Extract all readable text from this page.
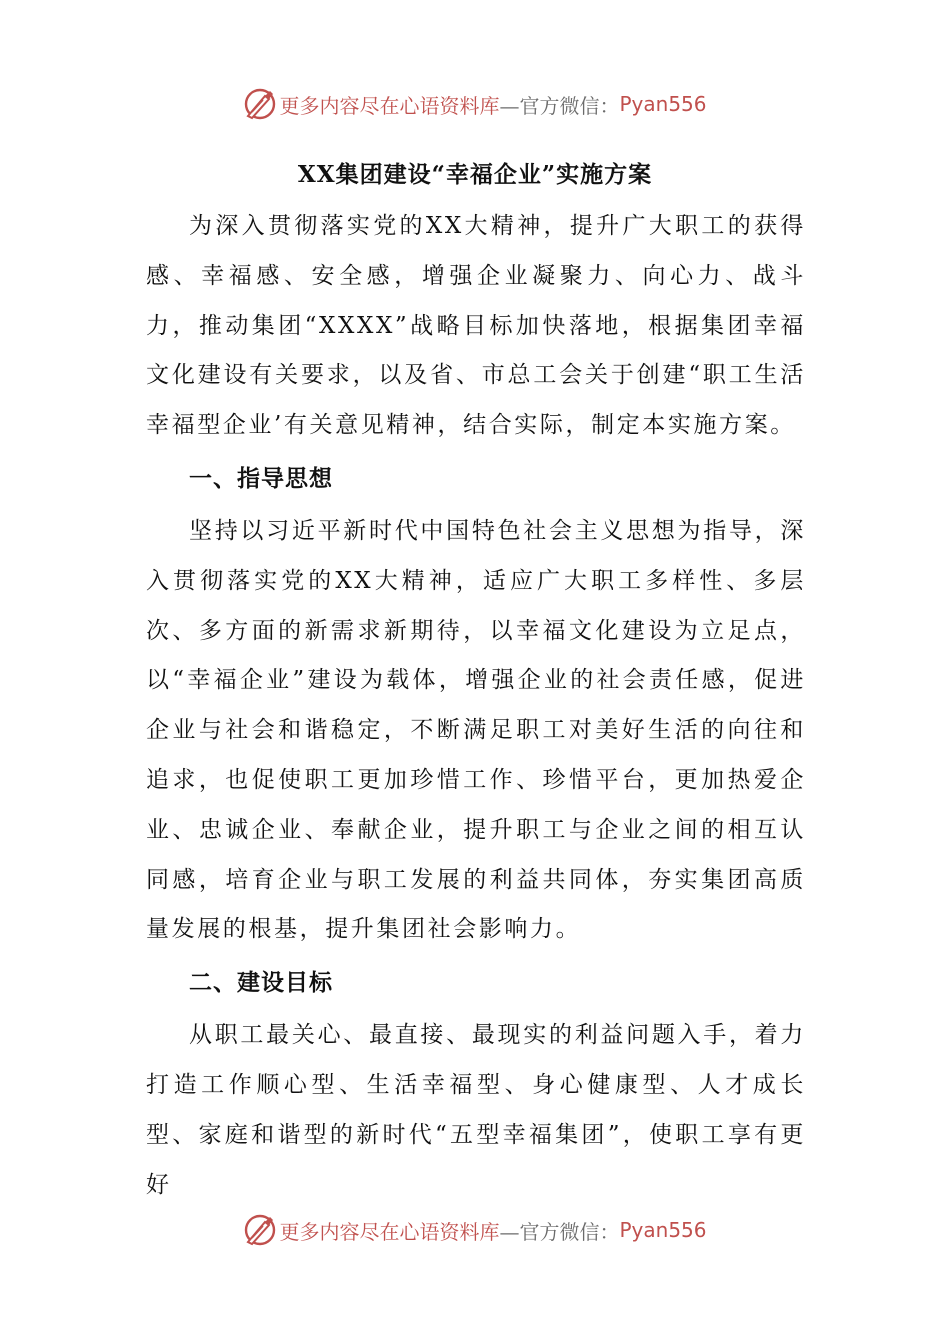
更多内容尽在心语资料库 —官方微信： Pyan556
XX集团建设“幸福企业”实施方案

为深入贯彻落实党的XX大精神，提升广大职工的获得感、幸福感、安全感，增强企业凝聚力、向心力、战斗力，推动集团“XXXX”战略目标加快落地，根据集团幸福文化建设有关要求，以及省、市总工会关于创建“职工生活幸福型企业’有关意见精神，结合实际，制定本实施方案。

一、指导思想

坚持以习近平新时代中国特色社会主义思想为指导，深入贯彻落实党的XX大精神，适应广大职工多样性、多层次、多方面的新需求新期待，以幸福文化建设为立足点，以“幸福企业”建设为载体，增强企业的社会责任感，促进企业与社会和谐稳定，不断满足职工对美好生活的向往和追求，也促使职工更加珍惜工作、珍惜平台，更加热爱企业、忠诚企业、奉献企业，提升职工与企业之间的相互认同感，培育企业与职工发展的利益共同体，夯实集团高质量发展的根基，提升集团社会影响力。

二、建设目标

从职工最关心、最直接、最现实的利益问题入手，着力打造工作顺心型、生活幸福型、身心健康型、人才成长型、家庭和谐型的新时代“五型幸福集团”，使职工享有更好

更多内容尽在心语资料库 —官方微信： Pyan556
